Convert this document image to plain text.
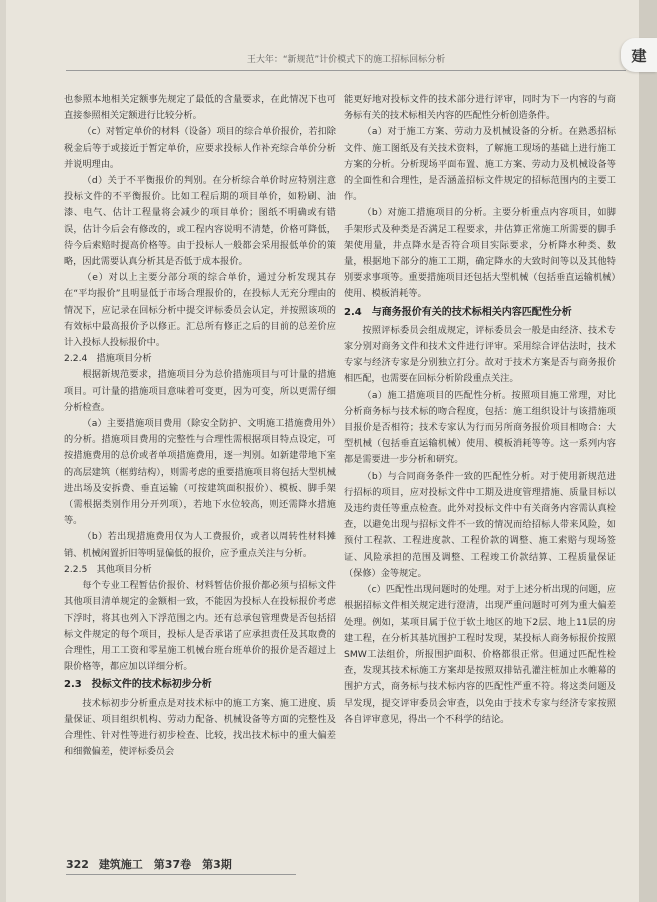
王大年：“新规范”计价模式下的施工招标回标分析

也参照本地相关定额事先规定了最低的含量要求，在此情况下也可直接参照相关定额进行比较分析。

（c）对暂定单价的材料（设备）项目的综合单价报价，若扣除税金后等于或接近于暂定单价，应要求投标人作补充综合单价分析并说明理由。

（d）关于不平衡报价的判别。在分析综合单价时应特别注意投标文件的不平衡报价。比如工程后期的项目单价，如粉刷、油漆、电气、估计工程量将会减少的项目单价；图纸不明确或有错误，估计今后会有修改的，或工程内容说明不清楚，价格可降低，待今后索赔时提高价格等。由于投标人一般都会采用报低单价的策略，因此需要认真分析其是否低于成本报价。

（e）对以上主要分部分项的综合单价，通过分析发现其存在“平均报价”且明显低于市场合理报价的，在投标人无充分理由的情况下，应记录在回标分析中提交评标委员会认定，并按照该项的有效标中最高报价予以修正。汇总所有修正之后的目前的总差价应计入投标人投标报价中。

2.2.4　措施项目分析

根据新规范要求，措施项目分为总价措施项目与可计量的措施项目。可计量的措施项目意味着可变更，因为可变，所以更需仔细分析检查。

（a）主要措施项目费用（除安全防护、文明施工措施费用外）的分析。措施项目费用的完整性与合理性需根据项目特点设定，可按措施费用的总价或者单项措施费用，逐一判别。如新建带地下室的高层建筑（框剪结构），则需考虑的重要措施项目将包括大型机械进出场及安拆费、垂直运输（可按建筑面积报价）、模板、脚手架（需根据类别作用分开列项），若地下水位较高，则还需降水措施等。

（b）若出现措施费用仅为人工费报价，或者以周转性材料摊销、机械闲置折旧等明显偏低的报价，应予重点关注与分析。

2.2.5　其他项目分析

每个专业工程暂估价报价、材料暂估价报价都必须与招标文件其他项目清单规定的金额相一致，不能因为投标人在投标报价考虑下浮时，将其也列入下浮范围之内。还有总承包管理费是否包括招标文件规定的每个项目，投标人是否承诺了应承担责任及其取费的合理性，用工工资和零星施工机械台班台班单价的报价是否超过上限价格等，都应加以详细分析。

2.3　投标文件的技术标初步分析

技术标初步分析重点是对技术标中的施工方案、施工进度、质量保证、项目组织机构、劳动力配备、机械设备等方面的完整性及合理性、针对性等进行初步检查、比较，找出技术标中的重大偏差和细微偏差，使评标委员会

能更好地对投标文件的技术部分进行评审，同时为下一内容的与商务标有关的技术标相关内容的匹配性分析创造条件。

（a）对于施工方案、劳动力及机械设备的分析。在熟悉招标文件、施工图纸及有关技术资料，了解施工现场的基础上进行施工方案的分析。分析现场平面布置、施工方案、劳动力及机械设备等的全面性和合理性，是否涵盖招标文件规定的招标范围内的主要工作。

（b）对施工措施项目的分析。主要分析重点内容项目，如脚手架形式及种类是否满足工程要求，井估算正常施工所需要的脚手架使用量，井点降水是否符合项目实际要求，分析降水种类、数量，根据地下部分的施工工期，确定降水的大致时间等以及其他特别要求事项等。重要措施项目还包括大型机械（包括垂直运输机械）使用、模板消耗等。

2.4　与商务报价有关的技术标相关内容匹配性分析

按照评标委员会组成规定，评标委员会一般是由经济、技术专家分别对商务文件和技术文件进行评审。采用综合评估法时，技术专家与经济专家是分别独立打分。故对于技术方案是否与商务报价相匹配，也需要在回标分析阶段重点关注。

（a）施工措施项目的匹配性分析。按照项目施工常理，对比分析商务标与技术标的吻合程度，包括：施工组织设计与该措施项目报价是否相符；技术专家认为行而另所商务报价项目相吻合：大型机械（包括垂直运输机械）使用、模板消耗等等。这一系列内容都是需要进一步分析和研究。

（b）与合同商务条件一致的匹配性分析。对于使用新规范进行招标的项目，应对投标文件中工期及进度管理措施、质量目标以及违约责任等重点检查。此外对投标文件中有关商务内容需认真检查，以避免出现与招标文件不一致的情况而给招标人带来风险，如预付工程款、工程进度款、工程价款的调整、施工索赔与现场签证、风险承担的范围及调整、工程竣工价款结算、工程质量保证（保修）金等规定。

（c）匹配性出现问题时的处理。对于上述分析出现的问题，应根据招标文件相关规定进行澄清，出现严重问题时可列为重大偏差处理。例如，某项目属于位于软土地区的地下2层、地上11层的房建工程，在分析其基坑围护工程时发现，某投标人商务标报价按照SMW工法组价，所报围护面积、价格都很正常。但通过匹配性检查，发现其技术标施工方案却是按照双排钻孔灌注桩加止水帷幕的围护方式，商务标与技术标内容的匹配性严重不符。将这类问题及早发现，提交评审委员会审查，以免由于技术专家与经济专家按照各自评审意见，得出一个不科学的结论。

322 建筑施工　第37卷　第3期
建
